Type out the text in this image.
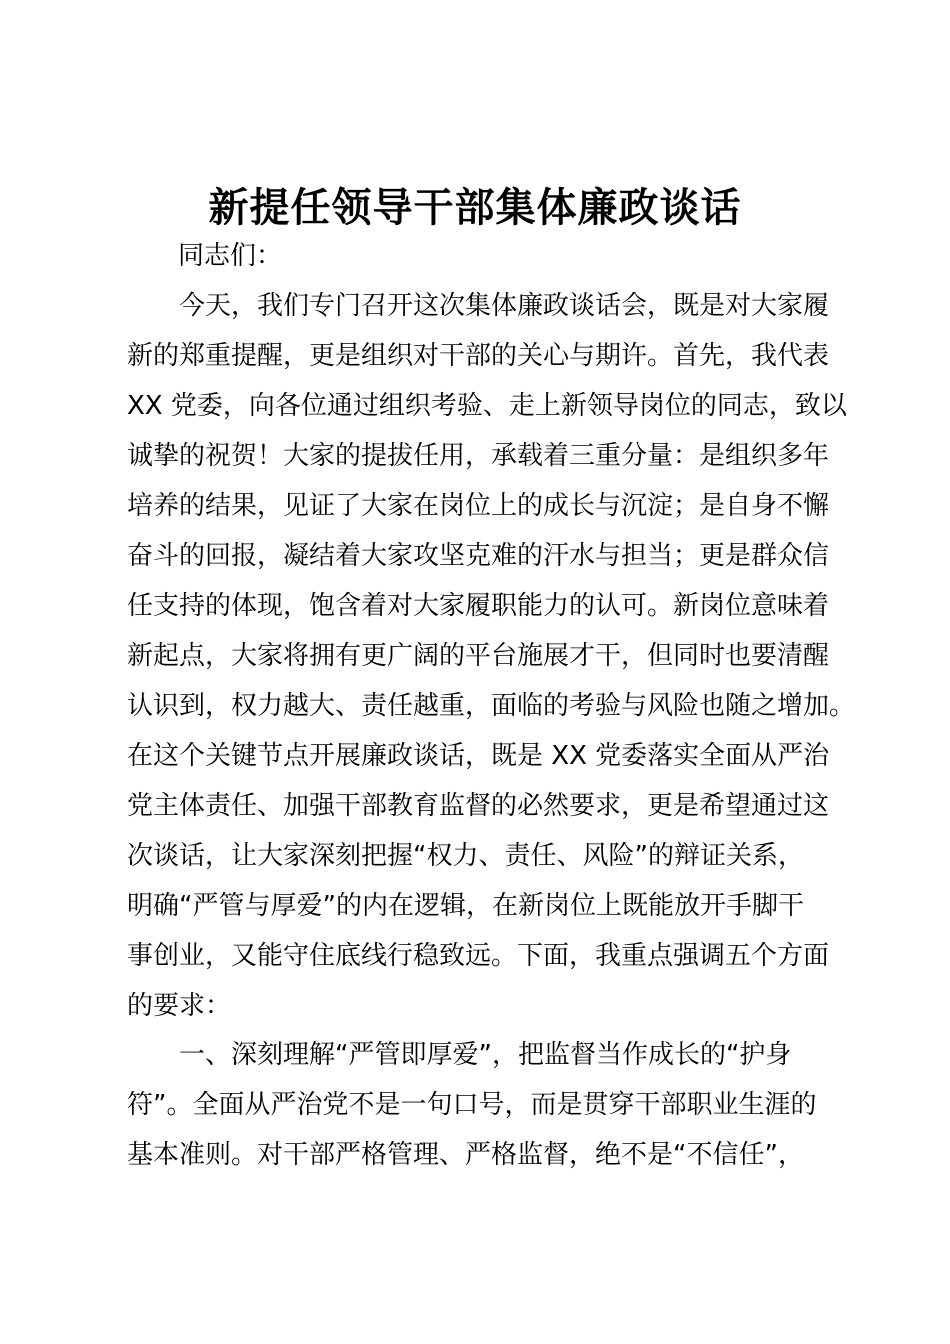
新提任领导干部集体廉政谈话
同志们：
　　今天，我们专门召开这次集体廉政谈话会，既是对大家履
新的郑重提醒，更是组织对干部的关心与期许。首先，我代表
XX 党委，向各位通过组织考验、走上新领导岗位的同志，致以
诚挚的祝贺！大家的提拔任用，承载着三重分量：是组织多年
培养的结果，见证了大家在岗位上的成长与沉淀；是自身不懈
奋斗的回报，凝结着大家攻坚克难的汗水与担当；更是群众信
任支持的体现，饱含着对大家履职能力的认可。新岗位意味着
新起点，大家将拥有更广阔的平台施展才干，但同时也要清醒
认识到，权力越大、责任越重，面临的考验与风险也随之增加。
在这个关键节点开展廉政谈话，既是 XX 党委落实全面从严治
党主体责任、加强干部教育监督的必然要求，更是希望通过这
次谈话，让大家深刻把握“权力、责任、风险”的辩证关系，
明确“严管与厚爱”的内在逻辑，在新岗位上既能放开手脚干
事创业，又能守住底线行稳致远。下面，我重点强调五个方面
的要求：
　　一、深刻理解“严管即厚爱”，把监督当作成长的“护身
符”。全面从严治党不是一句口号，而是贯穿干部职业生涯的
基本准则。对干部严格管理、严格监督，绝不是“不信任”，
